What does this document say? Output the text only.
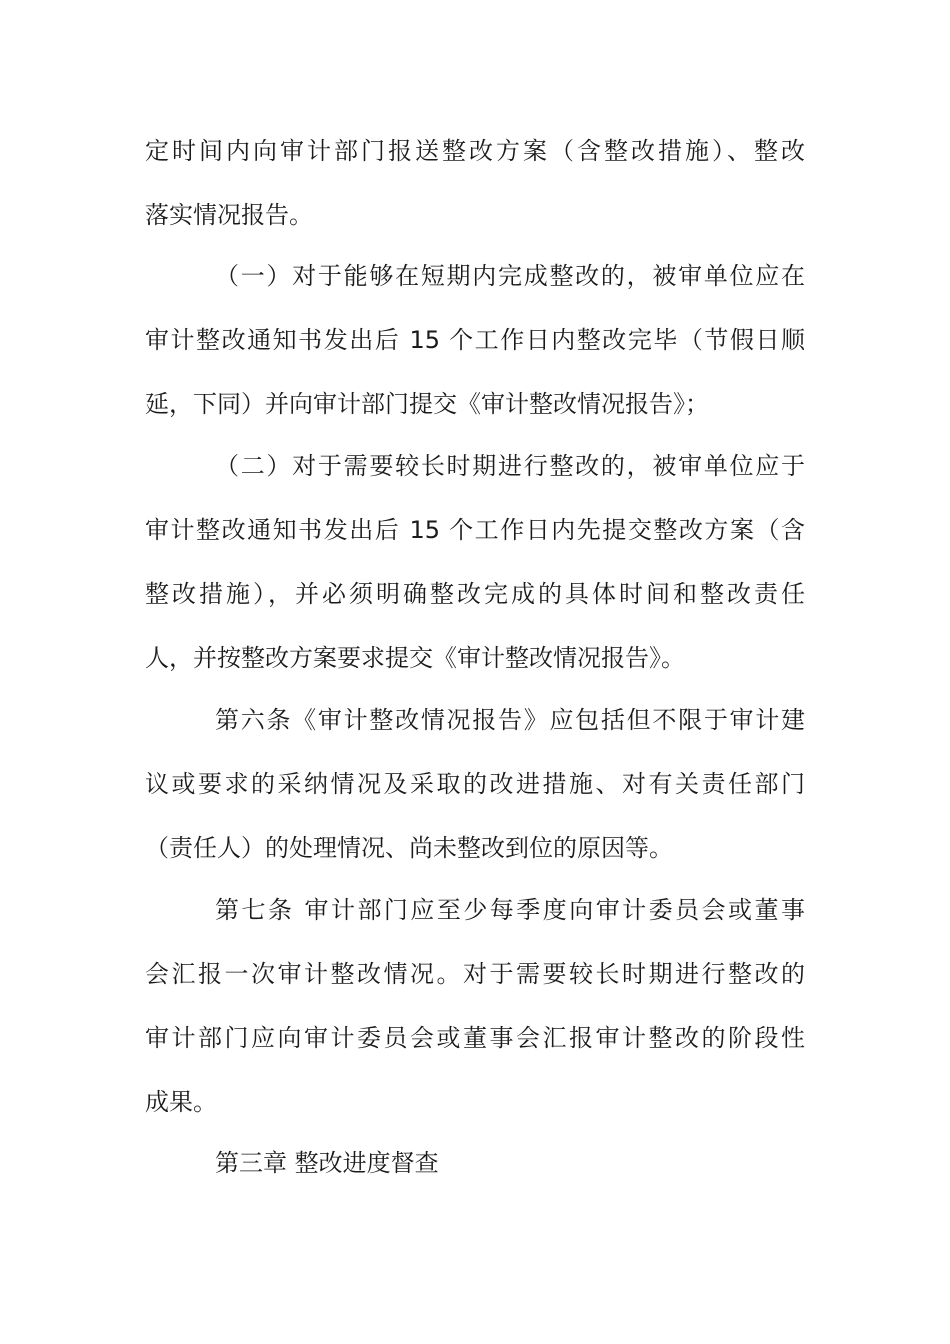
定时间内向审计部门报送整改方案（含整改措施）、整改
落实情况报告。
（一）对于能够在短期内完成整改的，被审单位应在
审计整改通知书发出后 15 个工作日内整改完毕（节假日顺
延，下同）并向审计部门提交《审计整改情况报告》；
（二）对于需要较长时期进行整改的，被审单位应于
审计整改通知书发出后 15 个工作日内先提交整改方案（含
整改措施），并必须明确整改完成的具体时间和整改责任
人，并按整改方案要求提交《审计整改情况报告》。
第六条《审计整改情况报告》应包括但不限于审计建
议或要求的采纳情况及采取的改进措施、对有关责任部门
（责任人）的处理情况、尚未整改到位的原因等。
第七条 审计部门应至少每季度向审计委员会或董事
会汇报一次审计整改情况。对于需要较长时期进行整改的
审计部门应向审计委员会或董事会汇报审计整改的阶段性
成果。
第三章 整改进度督查
